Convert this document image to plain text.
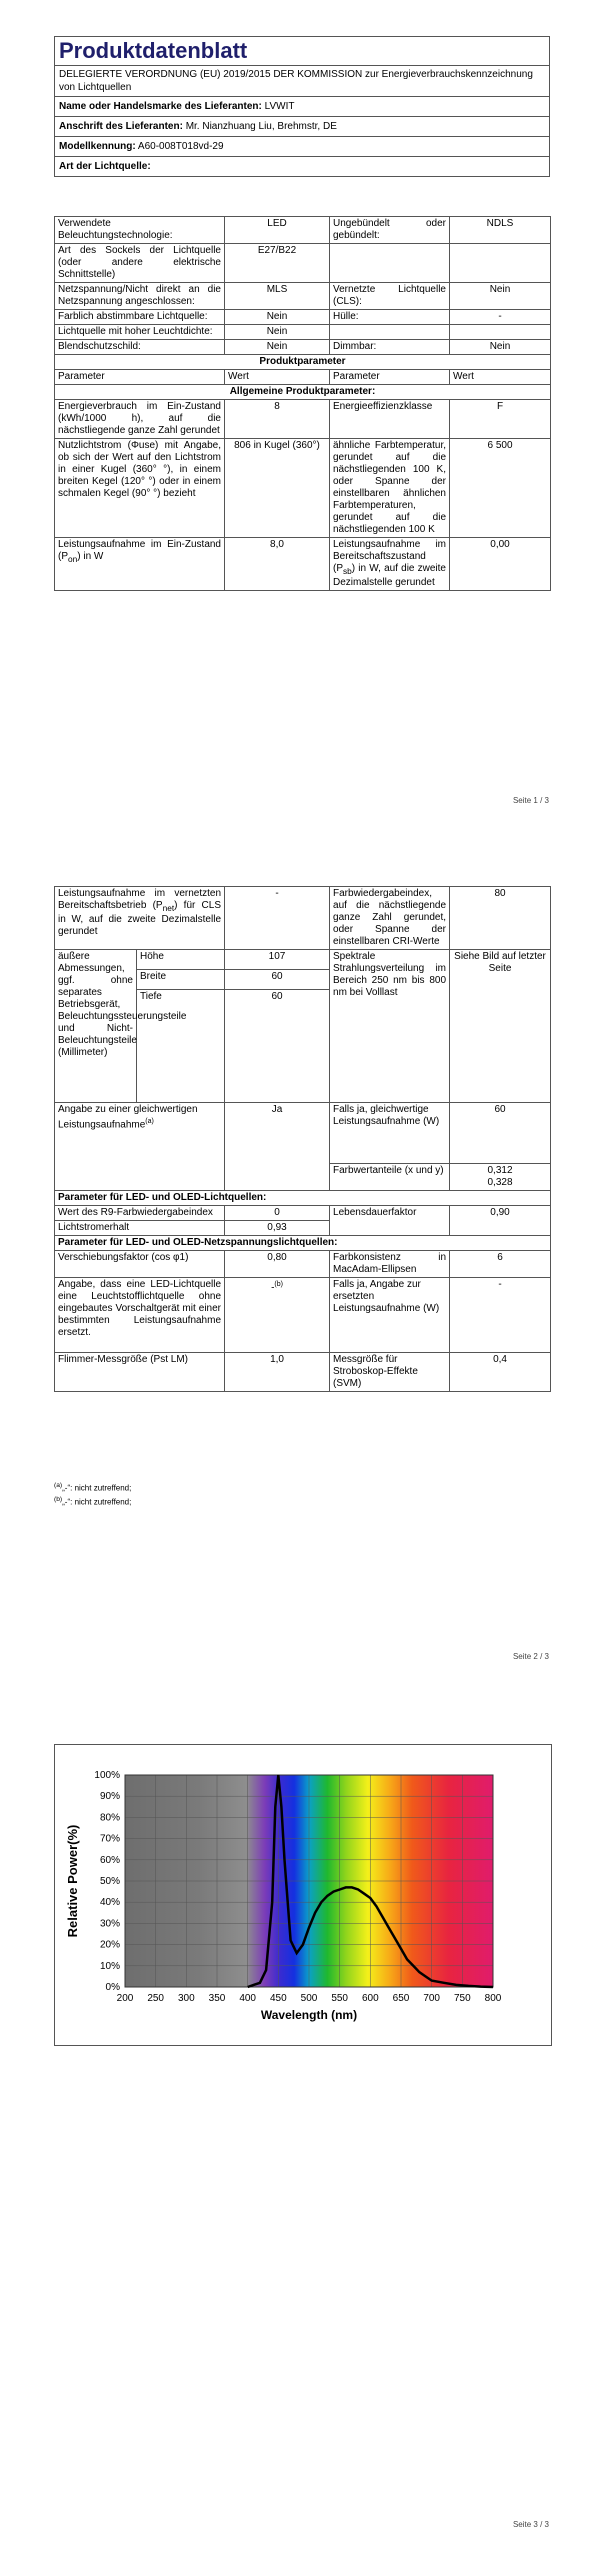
Produktdatenblatt
DELEGIERTE VERORDNUNG (EU) 2019/2015 DER KOMMISSION zur Energieverbrauchskennzeichnung von Lichtquellen
Name oder Handelsmarke des Lieferanten: LVWIT
Anschrift des Lieferanten: Mr. Nianzhuang Liu, Brehmstr, DE
Modellkennung: A60-008T018vd-29
Art der Lichtquelle:
Verwendete Beleuchtungstechnologie:	LED	Ungebündelt oder gebündelt:	NDLS
Art des Sockels der Lichtquelle (oder andere elektrische Schnittstelle)	E27/B22		
Netzspannung/Nicht direkt an die Netzspannung angeschlossen:	MLS	Vernetzte Lichtquelle (CLS):	Nein
Farblich abstimmbare Lichtquelle:	Nein	Hülle:	-
Lichtquelle mit hoher Leuchtdichte:	Nein		
Blendschutzschild:	Nein	Dimmbar:	Nein
Produktparameter			
Parameter	Wert	Parameter	Wert
Allgemeine Produktparameter:			
Energieverbrauch im Ein-Zustand (kWh/1000 h), auf die nächstliegende ganze Zahl gerundet	8	Energieeffizienzklasse	F
Nutzlichtstrom (Φuse) mit Angabe, ob sich der Wert auf den Lichtstrom in einer Kugel (360° °), in einem breiten Kegel (120° °) oder in einem schmalen Kegel (90° °) bezieht	806 in Kugel (360°)	ähnliche Farbtemperatur, gerundet auf die nächstliegenden 100 K, oder Spanne der einstellbaren ähnlichen Farbtemperaturen, gerundet auf die nächstliegenden 100 K	6 500
Leistungsaufnahme im Ein-Zustand $(P_{on})$ in W	8,0	Leistungsaufnahme im Bereitschaftszustand $(P_{sb})$ in W, auf die zweite Dezimalstelle gerundet	0,00
Seite 1 / 3
Leistungsaufnahme im vernetzten Bereitschaftsbetrieb $(P_{net})$ für CLS in W, auf die zweite Dezimalstelle gerundet		-	Farbwiedergabeindex, auf die nächstliegende ganze Zahl gerundet, oder Spanne der einstellbaren CRI-Werte	80
äußere Abmessungen, ggf. ohne separates Betriebsgerät, Beleuchtungssteuerungsteile und Nicht-Beleuchtungsteile (Millimeter)	Höhe	107	Spektrale Strahlungsverteilung im Bereich 250 nm bis 800 nm bei Volllast	Siehe Bild auf letzter Seite
	Breite	60		
	Tiefe	60		
Angabe zu einer gleichwertigen Leistungsaufnahme$^{(a)}$		Ja	Falls ja, gleichwertige Leistungsaufnahme (W)	60
			Farbwertanteile (x und y)	0,312
0,328

Parameter für LED- und OLED-Lichtquellen:				
Wert des R9-Farbwiedergabeindex		0	Lebensdauerfaktor	0,90
Lichtstromerhalt		0,93		
Parameter für LED- und OLED-Netzspannungslichtquellen:				
Verschiebungsfaktor (cos φ1)		0,80	Farbkonsistenz in MacAdam-Ellipsen	6
Angabe, dass eine LED-Lichtquelle eine Leuchtstofflichtquelle ohne eingebautes Vorschaltgerät mit einer bestimmten Leistungsaufnahme ersetzt.		-$^{(b)}$	Falls ja, Angabe zur ersetzten Leistungsaufnahme (W)	-
Flimmer-Messgröße (Pst LM)		1,0	Messgröße für Stroboskop-Effekte (SVM)	0,4
$^{(a)}$„-“: nicht zutreffend;
$^{(b)}$„-“: nicht zutreffend;
Seite 2 / 3
200 250 300 350 400 450 500 550 600 650 700 750 800
0%
10%
20%
30%
40%
50%
60%
70%
80%
90%
100%
Wavelength (nm)
Relative Power(%)
Seite 3 / 3
